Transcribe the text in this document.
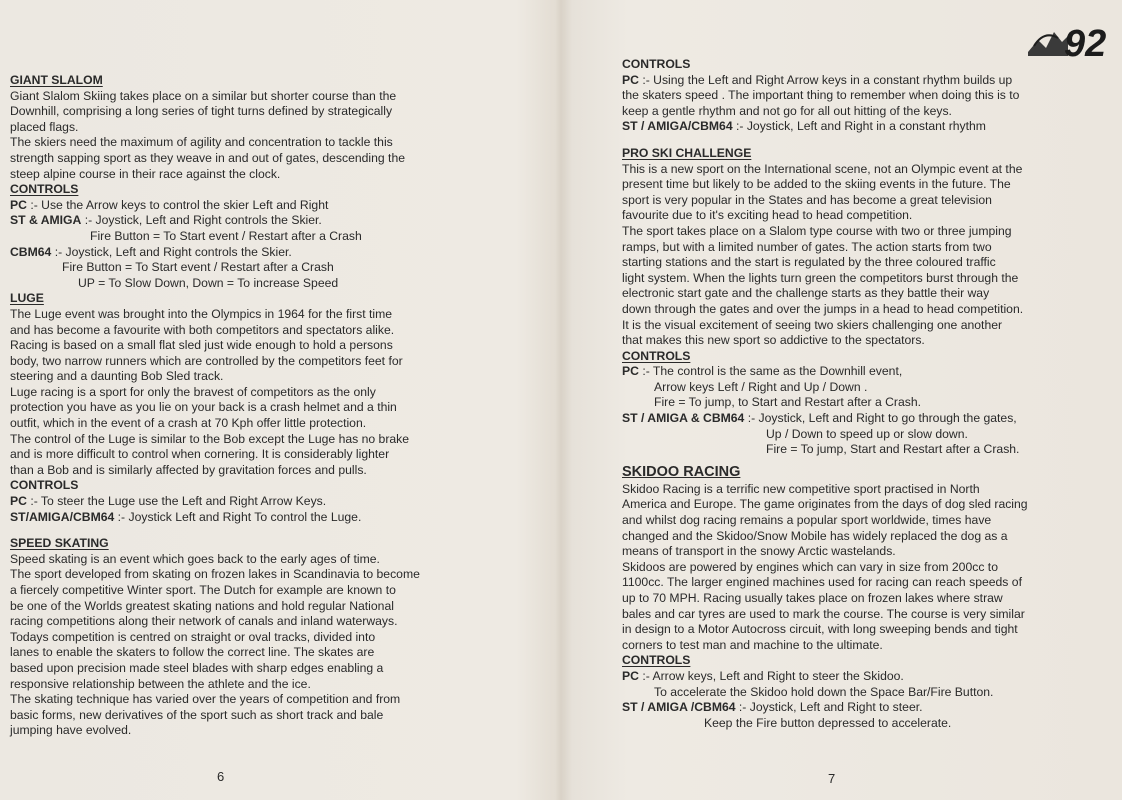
GIANT SLALOM
Giant Slalom Skiing takes place on a similar but shorter course than the
Downhill, comprising a long series of tight turns defined by strategically
placed flags.
The skiers need the maximum of agility and concentration to tackle this
strength sapping sport as they weave in and out of gates, descending the
steep alpine course in their race against the clock.
CONTROLS
PC :- Use the Arrow keys to control the skier Left and Right
ST & AMIGA :- Joystick, Left and Right controls the Skier.
Fire Button = To Start event / Restart after a Crash
CBM64 :- Joystick, Left and Right controls the Skier.
Fire Button = To Start event / Restart after a Crash
UP = To Slow Down, Down = To increase Speed
LUGE
The Luge event was brought into the Olympics in 1964 for the first time
and has become a favourite with both competitors and spectators alike.
Racing is based on a small flat sled just wide enough to hold a persons
body, two narrow runners which are controlled by the competitors feet for
steering and a daunting Bob Sled track.
Luge racing is a sport for only the bravest of competitors as the only
protection you have as you lie on your back is a crash helmet and a thin
outfit, which in the event of a crash at 70 Kph offer little protection.
The control of the Luge is similar to the Bob except the Luge has no brake
and is more difficult to control when cornering. It is considerably lighter
than a Bob and is similarly affected by gravitation forces and pulls.
CONTROLS
PC :- To steer the Luge use the Left and Right Arrow Keys.
ST/AMIGA/CBM64 :- Joystick Left and Right To control the Luge.
SPEED SKATING
Speed skating is an event which goes back to the early ages of time.
The sport developed from skating on frozen lakes in Scandinavia to become
a fiercely competitive Winter sport. The Dutch for example are known to
be one of the Worlds greatest skating nations and hold regular National
racing competitions along their network of canals and inland waterways.
Todays competition is centred on straight or oval tracks, divided into
lanes to enable the skaters to follow the correct line. The skates are
based upon precision made steel blades with sharp edges enabling a
responsive relationship between the athlete and the ice.
The skating technique has varied over the years of competition and from
basic forms, new derivatives of the sport such as short track and bale
jumping have evolved.
6
92
CONTROLS
PC :- Using the Left and Right Arrow keys in a constant rhythm builds up
the skaters speed . The important thing to remember when doing this is to
keep a gentle rhythm and not go for all out hitting of the keys.
ST / AMIGA/CBM64 :- Joystick, Left and Right in a constant rhythm
PRO SKI CHALLENGE
This is a new sport on the International scene, not an Olympic event at the
present time but likely to be added to the skiing events in the future. The
sport is very popular in the States and has become a great television
favourite due to it's exciting head to head competition.
The sport takes place on a Slalom type course with two or three jumping
ramps, but with a limited number of gates. The action starts from two
starting stations and the start is regulated by the three coloured traffic
light system. When the lights turn green the competitors burst through the
electronic start gate and the challenge starts as they battle their way
down through the gates and over the jumps in a head to head competition.
It is the visual excitement of seeing two skiers challenging one another
that makes this new sport so addictive to the spectators.
CONTROLS
PC :- The control is the same as the Downhill event,
Arrow keys Left / Right and Up / Down .
Fire = To jump, to Start and Restart after a Crash.
ST / AMIGA & CBM64 :- Joystick, Left and Right to go through the gates,
Up / Down to speed up or slow down.
Fire = To jump, Start and Restart after a Crash.
SKIDOO RACING
Skidoo Racing is a terrific new competitive sport practised in North
America and Europe. The game originates from the days of dog sled racing
and whilst dog racing remains a popular sport worldwide, times have
changed and the Skidoo/Snow Mobile has widely replaced the dog as a
means of transport in the snowy Arctic wastelands.
Skidoos are powered by engines which can vary in size from 200cc to
1100cc. The larger engined machines used for racing can reach speeds of
up to 70 MPH. Racing usually takes place on frozen lakes where straw
bales and car tyres are used to mark the course. The course is very similar
in design to a Motor Autocross circuit, with long sweeping bends and tight
corners to test man and machine to the ultimate.
CONTROLS
PC :- Arrow keys, Left and Right to steer the Skidoo.
To accelerate the Skidoo hold down the Space Bar/Fire Button.
ST / AMIGA /CBM64 :- Joystick, Left and Right to steer.
Keep the Fire button depressed to accelerate.
7
